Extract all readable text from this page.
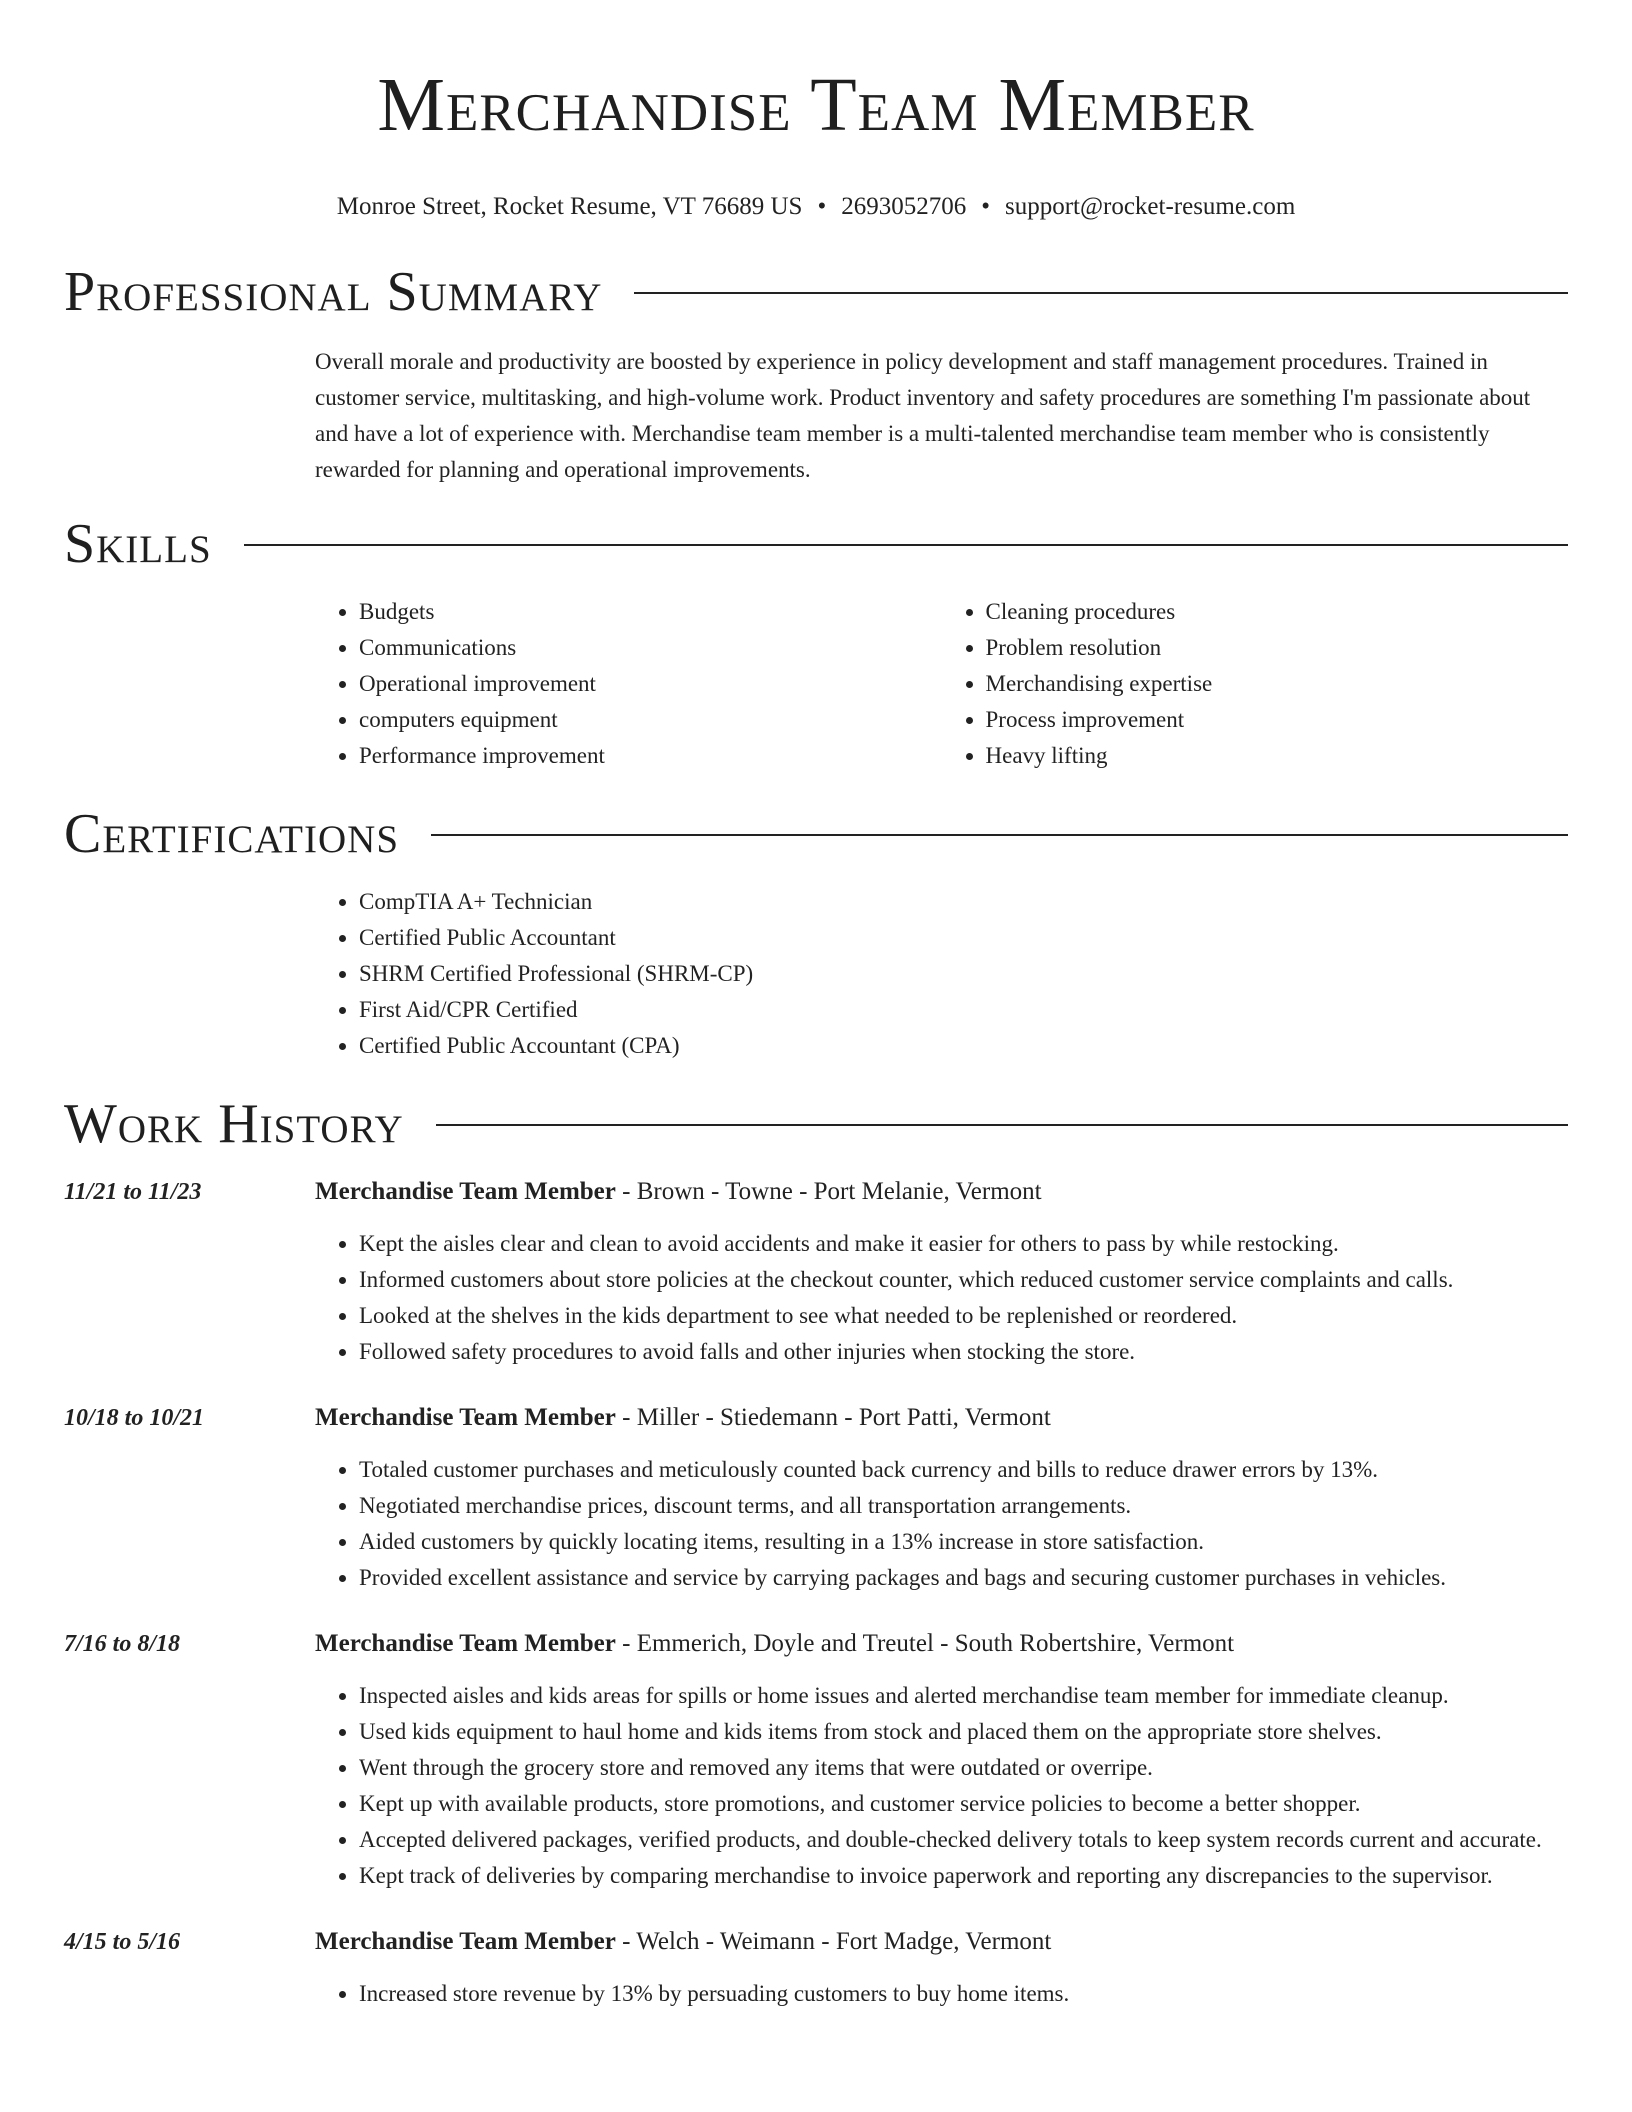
Merchandise Team Member
Monroe Street, Rocket Resume, VT 76689 US • 2693052706 • support@rocket-resume.com
Professional Summary
Overall morale and productivity are boosted by experience in policy development and staff management procedures. Trained in customer service, multitasking, and high-volume work. Product inventory and safety procedures are something I'm passionate about and have a lot of experience with. Merchandise team member is a multi-talented merchandise team member who is consistently rewarded for planning and operational improvements.
Skills
• Budgets
• Communications
• Operational improvement
• computers equipment
• Performance improvement
• Cleaning procedures
• Problem resolution
• Merchandising expertise
• Process improvement
• Heavy lifting
Certifications
• CompTIA A+ Technician
• Certified Public Accountant
• SHRM Certified Professional (SHRM-CP)
• First Aid/CPR Certified
• Certified Public Accountant (CPA)
Work History
11/21 to 11/23	Merchandise Team Member - Brown - Towne - Port Melanie, Vermont
• Kept the aisles clear and clean to avoid accidents and make it easier for others to pass by while restocking.
• Informed customers about store policies at the checkout counter, which reduced customer service complaints and calls.
• Looked at the shelves in the kids department to see what needed to be replenished or reordered.
• Followed safety procedures to avoid falls and other injuries when stocking the store.
10/18 to 10/21	Merchandise Team Member - Miller - Stiedemann - Port Patti, Vermont
• Totaled customer purchases and meticulously counted back currency and bills to reduce drawer errors by 13%.
• Negotiated merchandise prices, discount terms, and all transportation arrangements.
• Aided customers by quickly locating items, resulting in a 13% increase in store satisfaction.
• Provided excellent assistance and service by carrying packages and bags and securing customer purchases in vehicles.
7/16 to 8/18	Merchandise Team Member - Emmerich, Doyle and Treutel - South Robertshire, Vermont
• Inspected aisles and kids areas for spills or home issues and alerted merchandise team member for immediate cleanup.
• Used kids equipment to haul home and kids items from stock and placed them on the appropriate store shelves.
• Went through the grocery store and removed any items that were outdated or overripe.
• Kept up with available products, store promotions, and customer service policies to become a better shopper.
• Accepted delivered packages, verified products, and double-checked delivery totals to keep system records current and accurate.
• Kept track of deliveries by comparing merchandise to invoice paperwork and reporting any discrepancies to the supervisor.
4/15 to 5/16	Merchandise Team Member - Welch - Weimann - Fort Madge, Vermont
• Increased store revenue by 13% by persuading customers to buy home items.
